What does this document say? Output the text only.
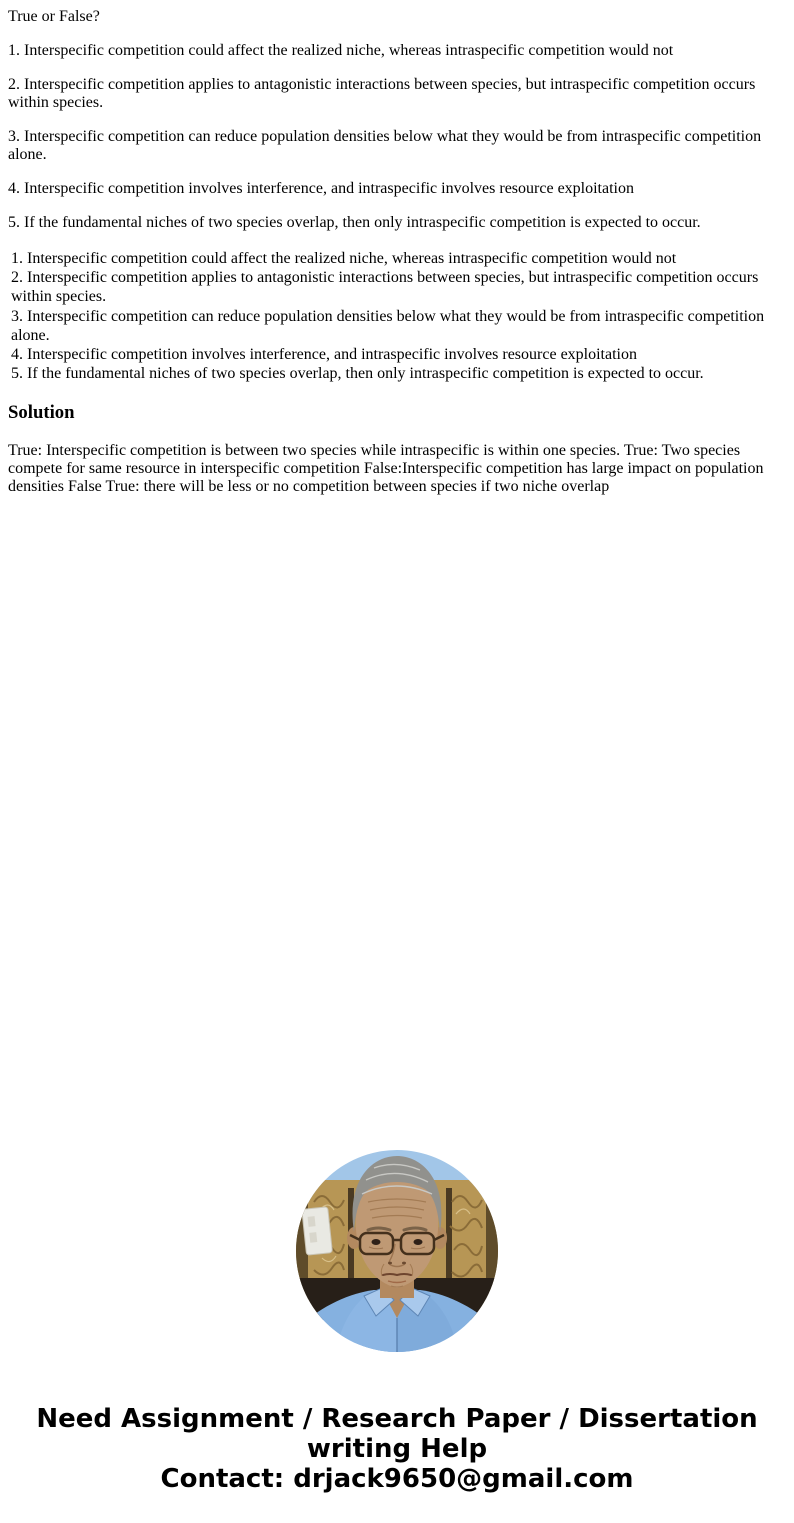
True or False?

1. Interspecific competition could affect the realized niche, whereas intraspecific competition would not

2. Interspecific competition applies to antagonistic interactions between species, but intraspecific competition occurs within species.

3. Interspecific competition can reduce population densities below what they would be from intraspecific competition alone.

4. Interspecific competition involves interference, and intraspecific involves resource exploitation

5. If the fundamental niches of two species overlap, then only intraspecific competition is expected to occur.

1. Interspecific competition could affect the realized niche, whereas intraspecific competition would not
2. Interspecific competition applies to antagonistic interactions between species, but intraspecific competition occurs within species.
3. Interspecific competition can reduce population densities below what they would be from intraspecific competition alone.
4. Interspecific competition involves interference, and intraspecific involves resource exploitation
5. If the fundamental niches of two species overlap, then only intraspecific competition is expected to occur.
Solution

True: Interspecific competition is between two species while intraspecific is within one species. True: Two species compete for same resource in interspecific competition False:Interspecific competition has large impact on population densities False True: there will be less or no competition between species if two niche overlap

Need Assignment / Research Paper / Dissertation writing Help
Contact: drjack9650@gmail.com
